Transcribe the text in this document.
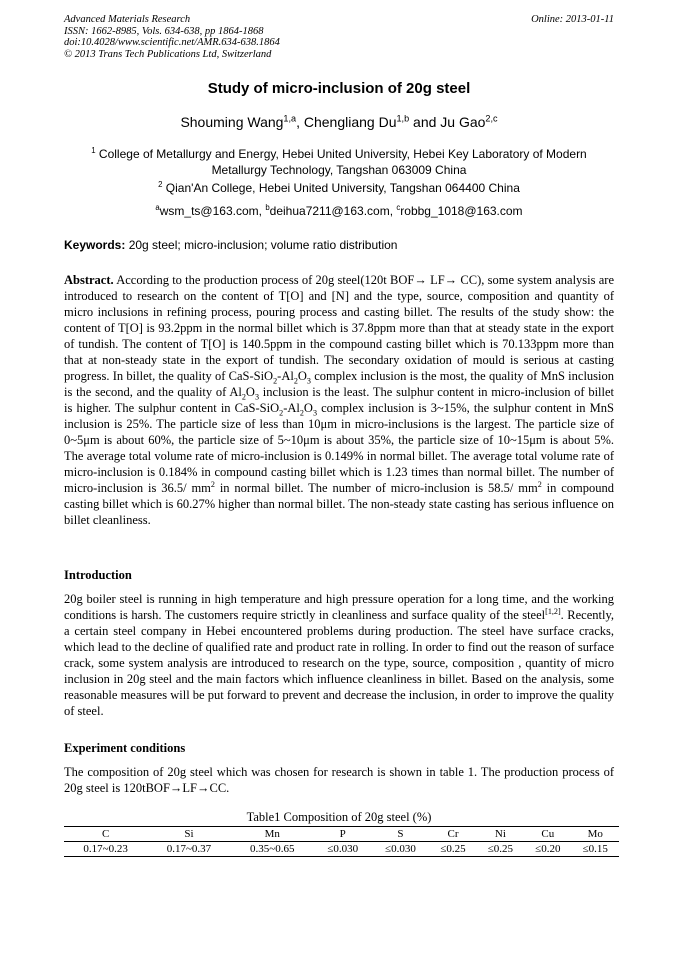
Advanced Materials Research
ISSN: 1662-8985, Vols. 634-638, pp 1864-1868
doi:10.4028/www.scientific.net/AMR.634-638.1864
© 2013 Trans Tech Publications Ltd, Switzerland
Online: 2013-01-11
Study of micro-inclusion of 20g steel
Shouming Wang$^{1,a}$, Chengliang Du$^{1,b}$ and Ju Gao$^{2,c}$
$^1$ College of Metallurgy and Energy, Hebei United University, Hebei Key Laboratory of Modern Metallurgy Technology, Tangshan 063009 China
$^2$ Qian'An College, Hebei United University, Tangshan 064400 China
$^a$wsm_ts@163.com, $^b$deihua7211@163.com, $^c$robbg_1018@163.com
Keywords: 20g steel; micro-inclusion; volume ratio distribution
Abstract. According to the production process of 20g steel(120t BOF→ LF→ CC), some system analysis are introduced to research on the content of T[O] and [N] and the type, source, composition and quantity of micro inclusions in refining process, pouring process and casting billet. The results of the study show: the content of T[O] is 93.2ppm in the normal billet which is 37.8ppm more than that at steady state in the export of tundish. The content of T[O] is 140.5ppm in the compound casting billet which is 70.133ppm more than that at non-steady state in the export of tundish. The secondary oxidation of mould is serious at casting progress. In billet, the quality of CaS-$SiO_2-Al_2O_3$ complex inclusion is the most, the quality of MnS inclusion is the second, and the quality of $Al_2O_3$ inclusion is the least. The sulphur content in micro-inclusion of billet is higher. The sulphur content in CaS-$SiO_2-Al_2O_3$ complex inclusion is 3~15%, the sulphur content in MnS inclusion is 25%. The particle size of less than 10μm in micro-inclusions is the largest. The particle size of 0~5μm is about 60%, the particle size of 5~10μm is about 35%, the particle size of 10~15μm is about 5%. The average total volume rate of micro-inclusion is 0.149% in normal billet. The average total volume rate of micro-inclusion is 0.184% in compound casting billet which is 1.23 times than normal billet. The number of micro-inclusion is 36.5/ $mm^2$ in normal billet. The number of micro-inclusion is 58.5/ $mm^2$ in compound casting billet which is 60.27% higher than normal billet. The non-steady state casting has serious influence on billet cleanliness.
Introduction
20g boiler steel is running in high temperature and high pressure operation for a long time, and the working conditions is harsh. The customers require strictly in cleanliness and surface quality of the steel[1,2]. Recently, a certain steel company in Hebei encountered problems during production. The steel have surface cracks, which lead to the decline of qualified rate and product rate in rolling. In order to find out the reason of surface crack, some system analysis are introduced to research on the type, source, composition , quantity of micro inclusion in 20g steel and the main factors which influence cleanliness in billet. Based on the analysis, some reasonable measures will be put forward to prevent and decrease the inclusion, in order to improve the quality of steel.
Experiment conditions
The composition of 20g steel which was chosen for research is shown in table 1. The production process of 20g steel is 120tBOF→LF→CC.
Table1 Composition of 20g steel (%)
C	Si	Mn	P	S	Cr	Ni	Cu	Mo
0.17~0.23	0.17~0.37	0.35~0.65	≤0.030	≤0.030	≤0.25	≤0.25	≤0.20	≤0.15
